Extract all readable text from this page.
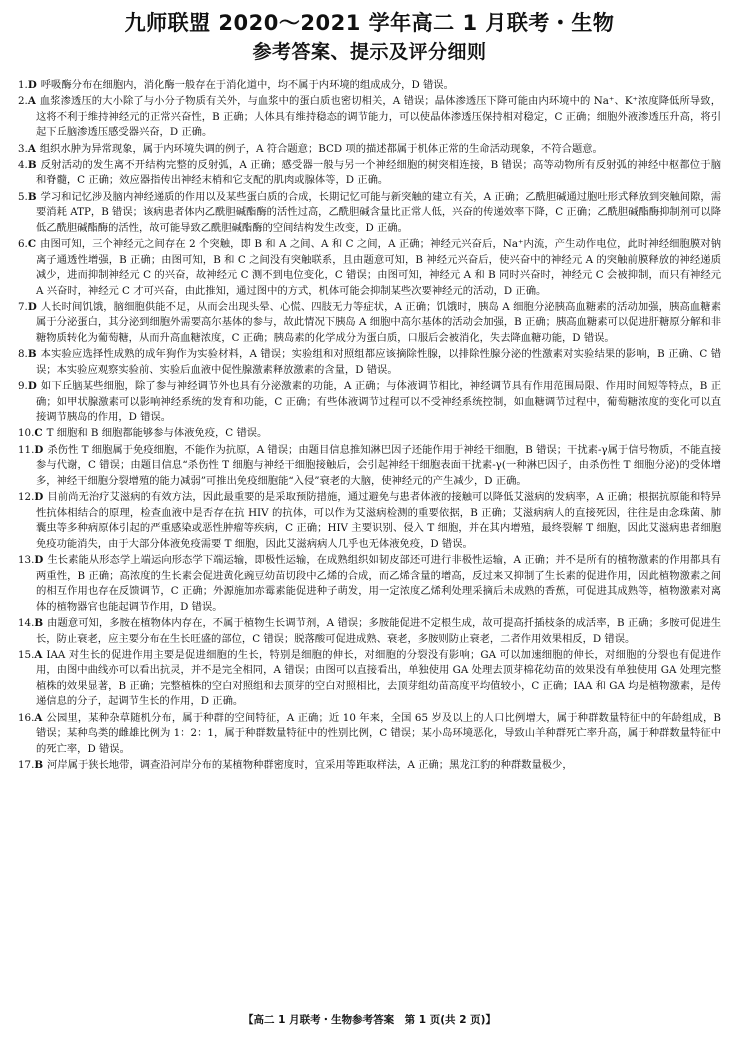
九师联盟 2020～2021 学年高二 1 月联考・生物
参考答案、提示及评分细则
1.D 呼吸酶分布在细胞内，消化酶一般存在于消化道中，均不属于内环境的组成成分，D 错误。
2.A 血浆渗透压的大小除了与小分子物质有关外，与血浆中的蛋白质也密切相关，A 错误；晶体渗透压下降可能由内环境中的 Na⁺、K⁺浓度降低所导致，这将不利于维持神经元的正常兴奋性，B 正确；人体具有维持稳态的调节能力，可以使晶体渗透压保持相对稳定，C 正确；细胞外液渗透压升高，将引起下丘脑渗透压感受器兴奋，D 正确。
3.A 组织水肿为异常现象，属于内环境失调的例子，A 符合题意；BCD 项的描述都属于机体正常的生命活动现象，不符合题意。
4.B 反射活动的发生离不开结构完整的反射弧，A 正确；感受器一般与另一个神经细胞的树突相连接，B 错误；高等动物所有反射弧的神经中枢都位于脑和脊髓，C 正确；效应器指传出神经末梢和它支配的肌肉或腺体等，D 正确。
5.B 学习和记忆涉及脑内神经递质的作用以及某些蛋白质的合成，长期记忆可能与新突触的建立有关，A 正确；乙酰胆碱通过胞吐形式释放到突触间隙，需要消耗 ATP，B 错误；该病患者体内乙酰胆碱酯酶的活性过高，乙酰胆碱含量比正常人低，兴奋的传递效率下降，C 正确；乙酰胆碱酯酶抑制剂可以降低乙酰胆碱酯酶的活性，故可能导致乙酰胆碱酯酶的空间结构发生改变，D 正确。
6.C 由图可知，三个神经元之间存在 2 个突触，即 B 和 A 之间、A 和 C 之间，A 正确；神经元兴奋后，Na⁺内流，产生动作电位，此时神经细胞膜对钠离子通透性增强，B 正确；由图可知，B 和 C 之间没有突触联系，且由题意可知，B 神经元兴奋后，使兴奋中的神经元 A 的突触前膜释放的神经递质减少，进而抑制神经元 C 的兴奋，故神经元 C 测不到电位变化，C 错误；由图可知，神经元 A 和 B 同时兴奋时，神经元 C 会被抑制，而只有神经元 A 兴奋时，神经元 C 才可兴奋，由此推知，通过图中的方式，机体可能会抑制某些次要神经元的活动，D 正确。
7.D 人长时间饥饿，脑细胞供能不足，从而会出现头晕、心慌、四肢无力等症状，A 正确；饥饿时，胰岛 A 细胞分泌胰高血糖素的活动加强，胰高血糖素属于分泌蛋白，其分泌到细胞外需要高尔基体的参与，故此情况下胰岛 A 细胞中高尔基体的活动会加强，B 正确；胰高血糖素可以促进肝糖原分解和非糖物质转化为葡萄糖，从而升高血糖浓度，C 正确；胰岛素的化学成分为蛋白质，口服后会被消化，失去降血糖功能，D 错误。
8.B 本实验应选择性成熟的成年狗作为实验材料，A 错误；实验组和对照组都应该摘除性腺，以排除性腺分泌的性激素对实验结果的影响，B 正确、C 错误；本实验应观察实验前、实验后血液中促性腺激素释放激素的含量，D 错误。
9.D 如下丘脑某些细胞，除了参与神经调节外也具有分泌激素的功能，A 正确；与体液调节相比，神经调节具有作用范围局限、作用时间短等特点，B 正确；如甲状腺激素可以影响神经系统的发育和功能，C 正确；有些体液调节过程可以不受神经系统控制，如血糖调节过程中，葡萄糖浓度的变化可以直接调节胰岛的作用，D 错误。
10.C T 细胞和 B 细胞都能够参与体液免疫，C 错误。
11.D 杀伤性 T 细胞属于免疫细胞，不能作为抗原，A 错误；由题目信息推知淋巴因子还能作用于神经干细胞，B 错误；干扰素-γ属于信号物质，不能直接参与代谢，C 错误；由题目信息“杀伤性 T 细胞与神经干细胞接触后，会引起神经干细胞表面干扰素-γ(一种淋巴因子，由杀伤性 T 细胞分泌)的受体增多，神经干细胞分裂增殖的能力减弱”可推出免疫细胞能“入侵”衰老的大脑，使神经元的产生减少，D 正确。
12.D 目前尚无治疗艾滋病的有效方法，因此最重要的是采取预防措施，通过避免与患者体液的接触可以降低艾滋病的发病率，A 正确；根据抗原能和特异性抗体相结合的原理，检查血液中是否存在抗 HIV 的抗体，可以作为艾滋病检测的重要依据，B 正确；艾滋病病人的直接死因，往往是由念珠菌、肺囊虫等多种病原体引起的严重感染或恶性肿瘤等疾病，C 正确；HIV 主要识别、侵入 T 细胞，并在其内增殖，最终裂解 T 细胞，因此艾滋病患者细胞免疫功能消失，由于大部分体液免疫需要 T 细胞，因此艾滋病病人几乎也无体液免疫，D 错误。
13.D 生长素能从形态学上端运向形态学下端运输，即极性运输，在成熟组织如韧皮部还可进行非极性运输，A 正确；并不是所有的植物激素的作用都具有两重性，B 正确；高浓度的生长素会促进黄化豌豆幼苗切段中乙烯的合成，而乙烯含量的增高，反过来又抑制了生长素的促进作用，因此植物激素之间的相互作用也存在反馈调节，C 正确；外源施加赤霉素能促进种子萌发，用一定浓度乙烯利处理采摘后未成熟的香蕉，可促进其成熟等，植物激素对离体的植物器官也能起调节作用，D 错误。
14.B 由题意可知，多胺在植物体内存在，不属于植物生长调节剂，A 错误；多胺能促进不定根生成，故可提高扦插枝条的成活率，B 正确；多胺可促进生长，防止衰老，应主要分布在生长旺盛的部位，C 错误；脱落酸可促进成熟、衰老，多胺则防止衰老，二者作用效果相反，D 错误。
15.A IAA 对生长的促进作用主要是促进细胞的生长，特别是细胞的伸长，对细胞的分裂没有影响；GA 可以加速细胞的伸长，对细胞的分裂也有促进作用，由图中曲线亦可以看出抗灵，并不是完全相同，A 错误；由图可以直接看出，单独使用 GA 处理去顶芽棉花幼苗的效果没有单独使用 GA 处理完整植株的效果显著，B 正确；完整植株的空白对照组和去顶芽的空白对照相比，去顶芽组幼苗高度平均值较小，C 正确；IAA 和 GA 均是植物激素，是传递信息的分子，起调节生长的作用，D 正确。
16.A 公园里，某种杂草随机分布，属于种群的空间特征，A 正确；近 10 年来，全国 65 岁及以上的人口比例增大，属于种群数量特征中的年龄组成，B 错误；某种鸟类的雌雄比例为 1：2：1，属于种群数量特征中的性别比例，C 错误；某小岛环境恶化，导致山羊种群死亡率升高，属于种群数量特征中的死亡率，D 错误。
17.B 河岸属于狭长地带，调查沿河岸分布的某植物种群密度时，宜采用等距取样法，A 正确；黑龙江豹的种群数量极少，
【高二 1 月联考・生物参考答案　第 1 页(共 2 页)】
